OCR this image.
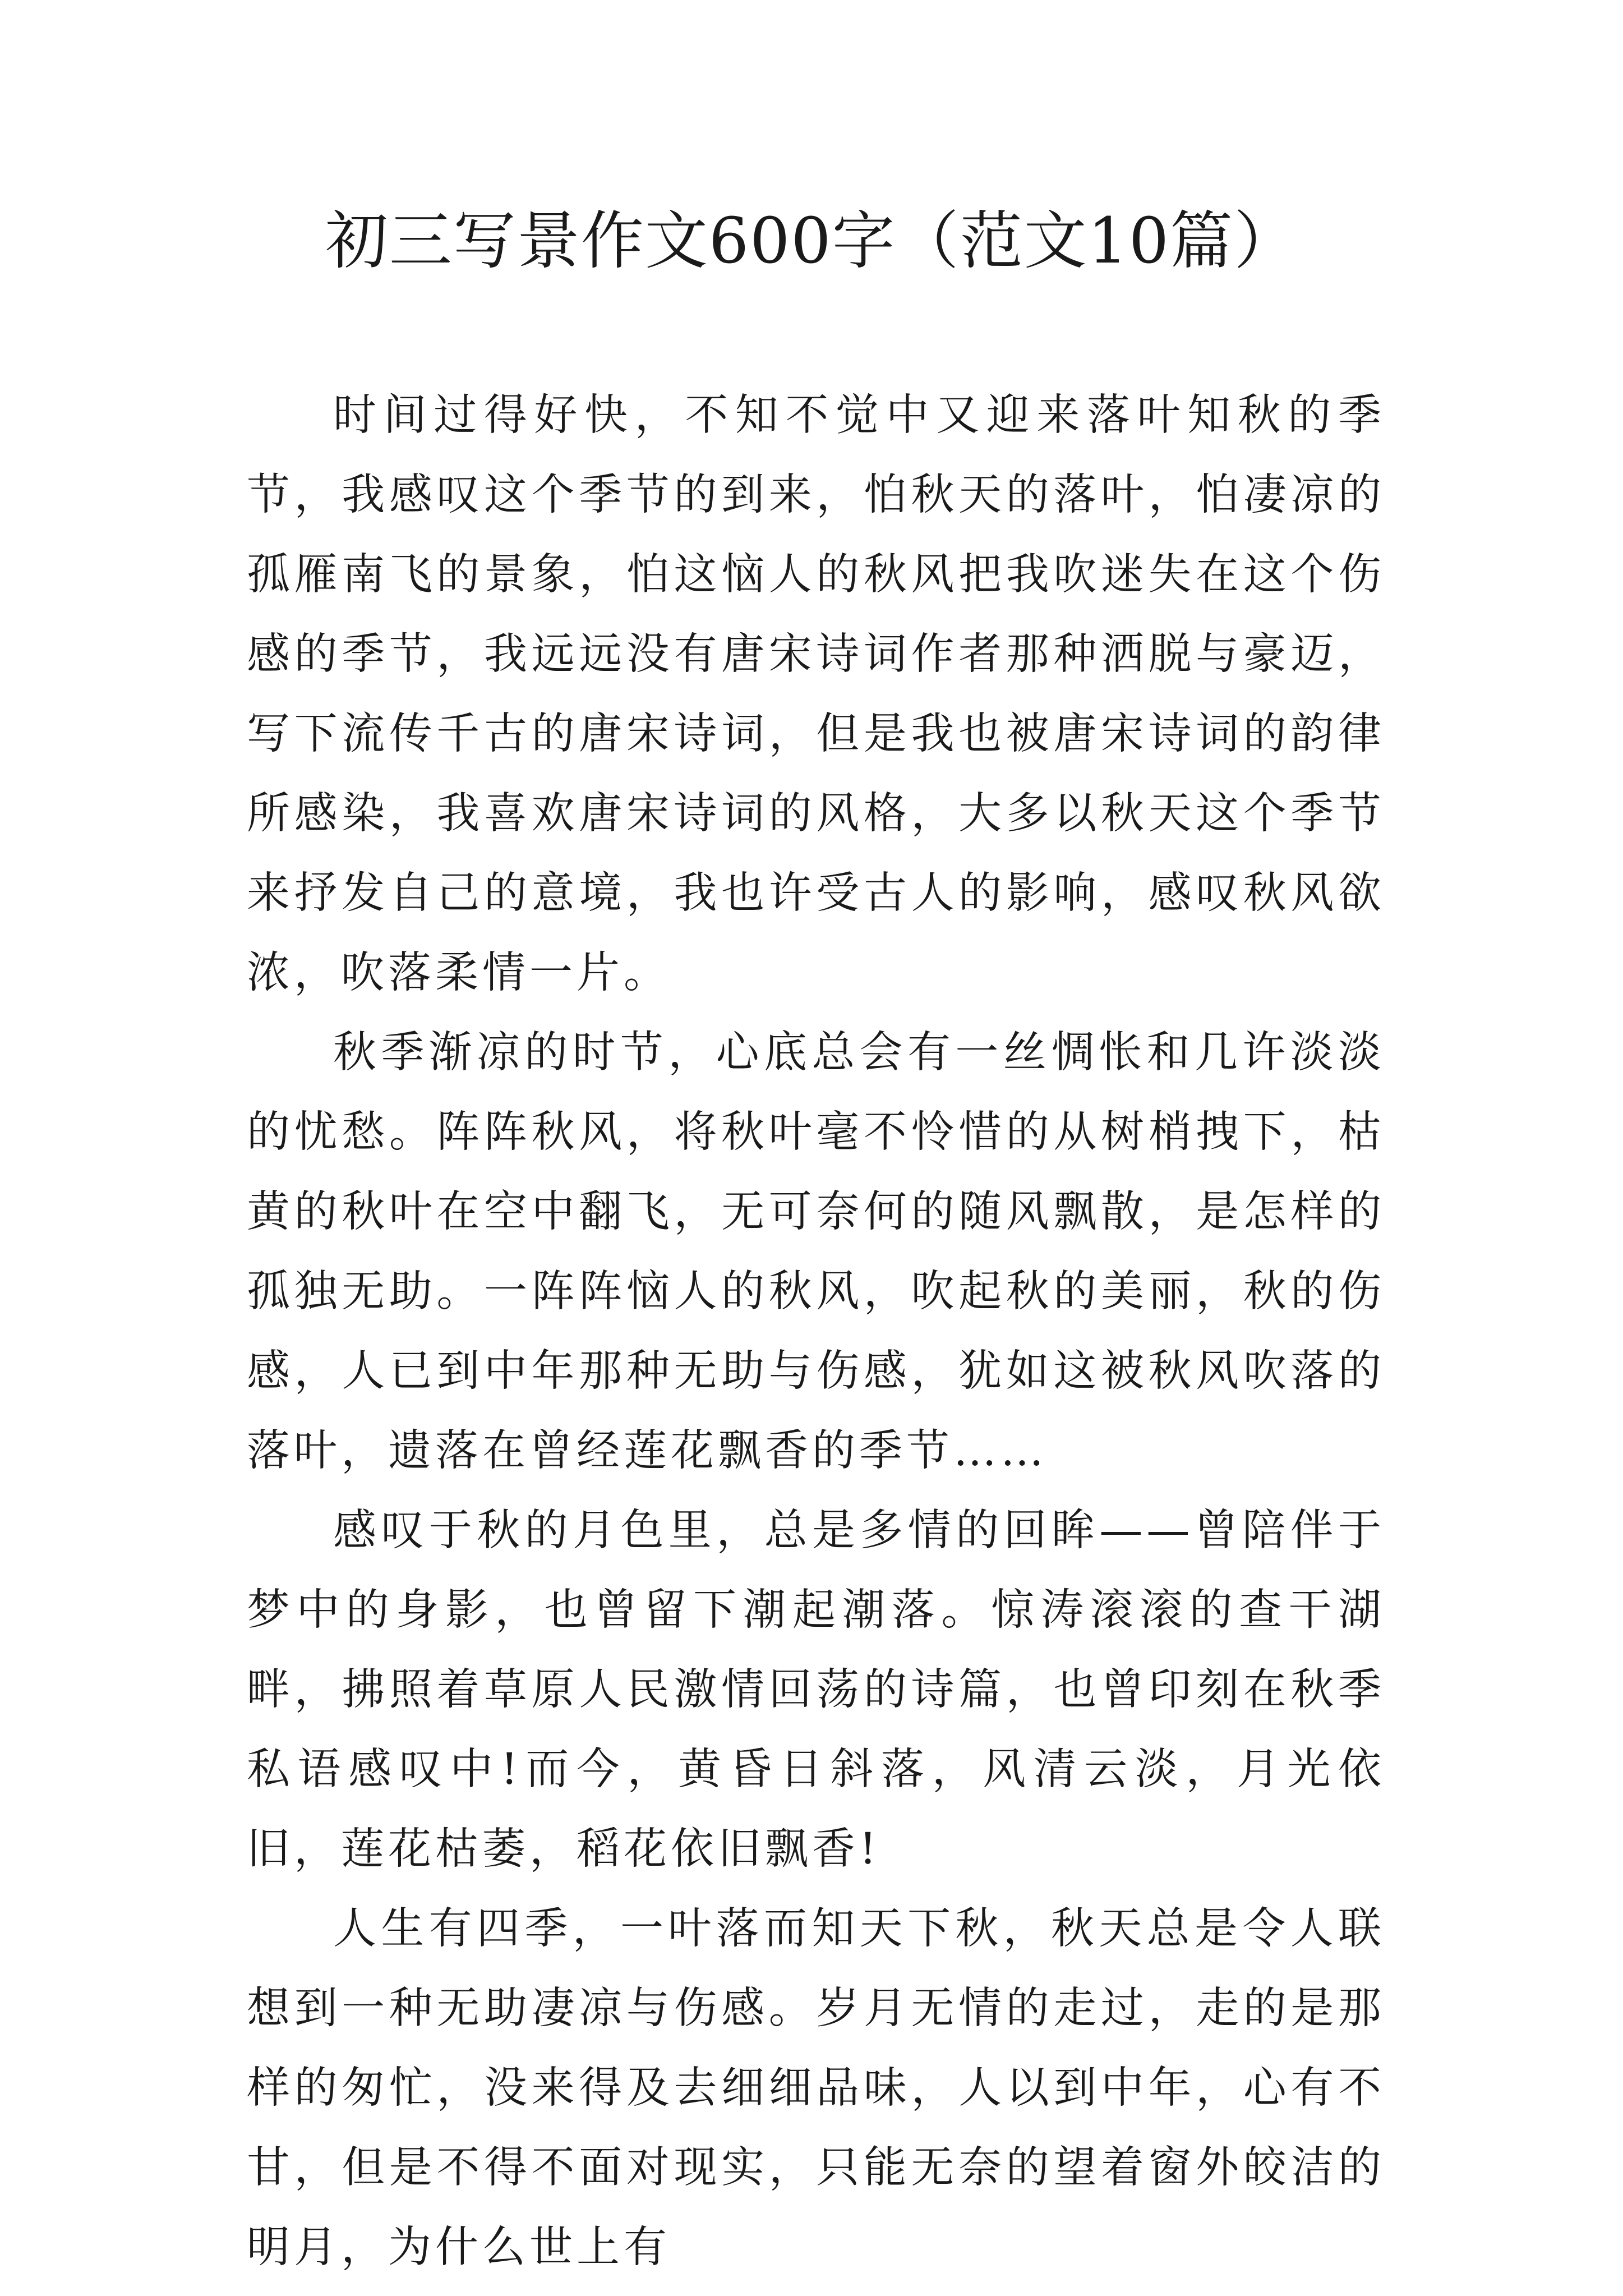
初三写景作文600字（范文10篇）

时间过得好快，不知不觉中又迎来落叶知秋的季节，我感叹这个季节的到来，怕秋天的落叶，怕凄凉的孤雁南飞的景象，怕这恼人的秋风把我吹迷失在这个伤感的季节，我远远没有唐宋诗词作者那种洒脱与豪迈，写下流传千古的唐宋诗词，但是我也被唐宋诗词的韵律所感染，我喜欢唐宋诗词的风格，大多以秋天这个季节来抒发自己的意境，我也许受古人的影响，感叹秋风欲浓，吹落柔情一片。

秋季渐凉的时节，心底总会有一丝惆怅和几许淡淡的忧愁。阵阵秋风，将秋叶毫不怜惜的从树梢拽下，枯黄的秋叶在空中翻飞，无可奈何的随风飘散，是怎样的孤独无助。一阵阵恼人的秋风，吹起秋的美丽，秋的伤感，人已到中年那种无助与伤感，犹如这被秋风吹落的落叶，遗落在曾经莲花飘香的季节……

感叹于秋的月色里，总是多情的回眸——曾陪伴于梦中的身影，也曾留下潮起潮落。惊涛滚滚的查干湖畔，拂照着草原人民激情回荡的诗篇，也曾印刻在秋季私语感叹中!而今，黄昏日斜落，风清云淡，月光依旧，莲花枯萎，稻花依旧飘香!

人生有四季，一叶落而知天下秋，秋天总是令人联想到一种无助凄凉与伤感。岁月无情的走过，走的是那样的匆忙，没来得及去细细品味，人以到中年，心有不甘，但是不得不面对现实，只能无奈的望着窗外皎洁的明月，为什么世上有
